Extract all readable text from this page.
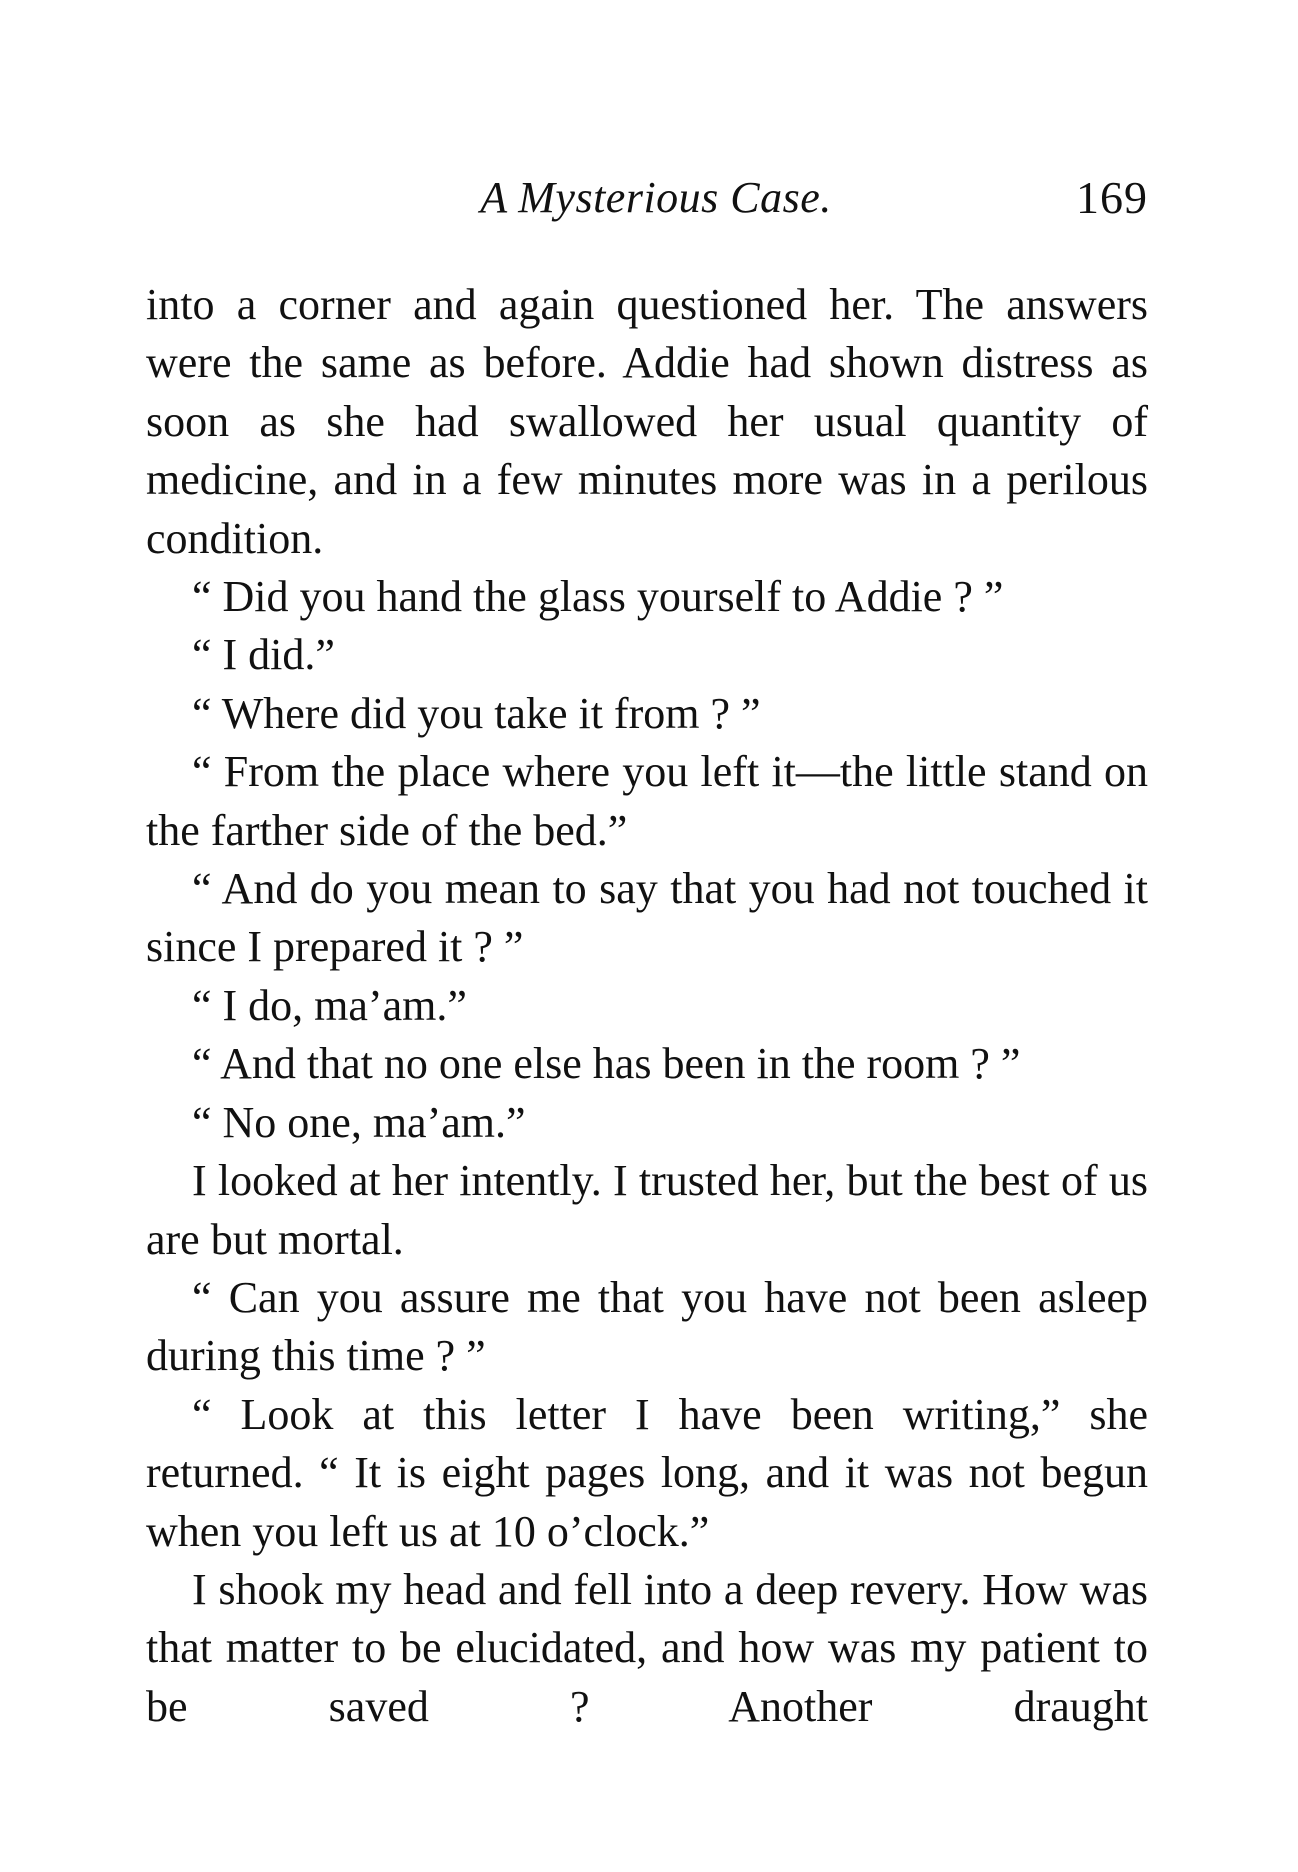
A Mysterious Case.	169

into a corner and again questioned her. The answers were the same as before. Addie had shown distress as soon as she had swallowed her usual quantity of medicine, and in a few minutes more was in a perilous condition.

“ Did you hand the glass yourself to Addie ? ”

“ I did.”

“ Where did you take it from ? ”

“ From the place where you left it—the little stand on the farther side of the bed.”

“ And do you mean to say that you had not touched it since I prepared it ? ”

“ I do, ma’am.”

“ And that no one else has been in the room ? ”

“ No one, ma’am.”

I looked at her intently. I trusted her, but the best of us are but mortal.

“ Can you assure me that you have not been asleep during this time ? ”

“ Look at this letter I have been writing,” she returned. “ It is eight pages long, and it was not begun when you left us at 10 o’clock.”

I shook my head and fell into a deep revery. How was that matter to be elucidated, and how was my patient to be saved ? Another draught
